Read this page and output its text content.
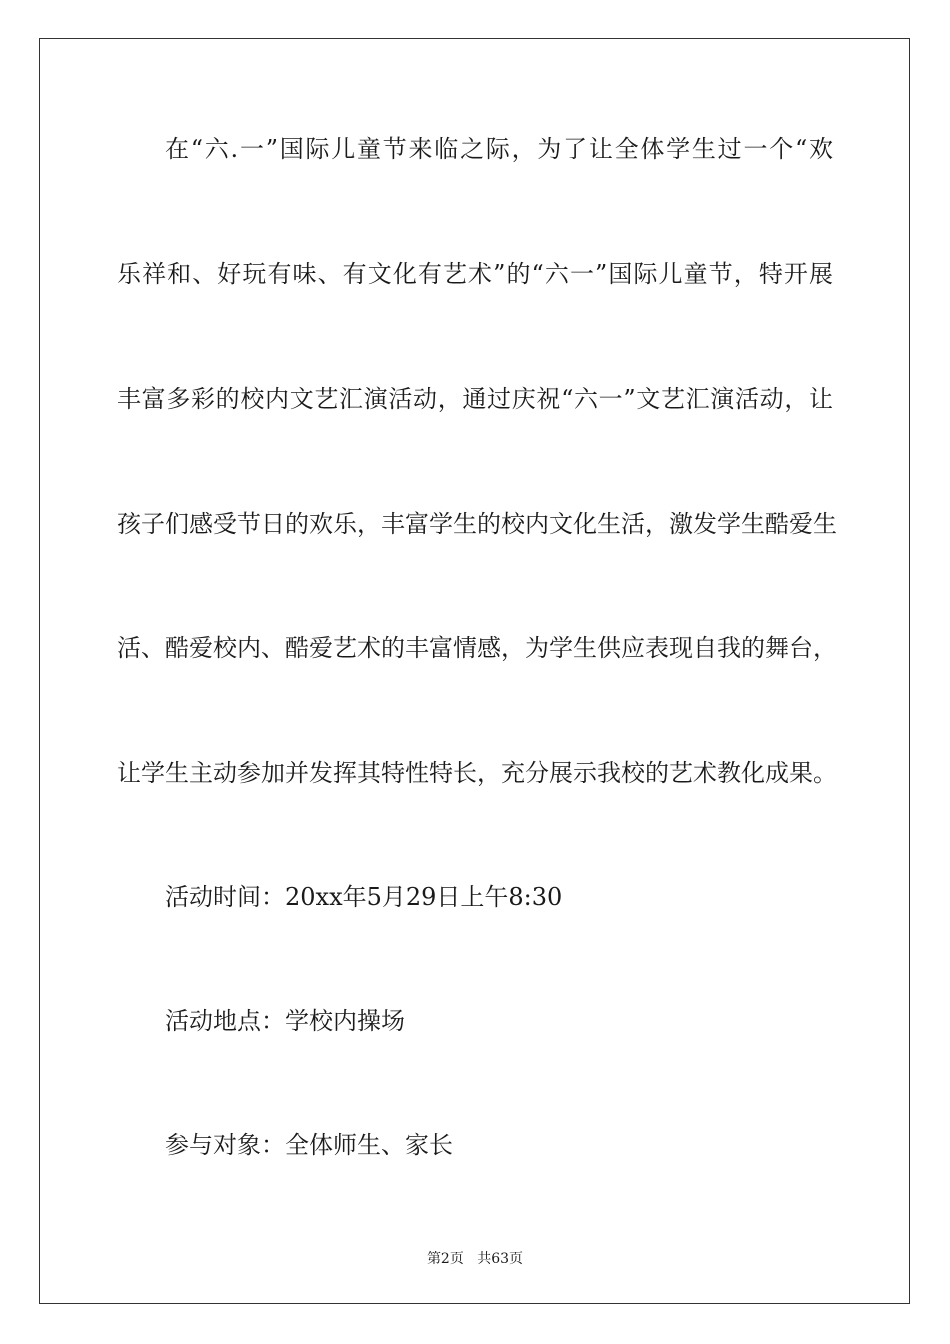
在“六.一”国际儿童节来临之际，为了让全体学生过一个“欢
乐祥和、好玩有味、有文化有艺术”的“六一”国际儿童节，特开展
丰富多彩的校内文艺汇演活动，通过庆祝“六一”文艺汇演活动，让
孩子们感受节日的欢乐，丰富学生的校内文化生活，激发学生酷爱生
活、酷爱校内、酷爱艺术的丰富情感，为学生供应表现自我的舞台，
让学生主动参加并发挥其特性特长，充分展示我校的艺术教化成果。
活动时间：20xx年5月29日上午8:30
活动地点：学校内操场
参与对象：全体师生、家长
第2页 共63页
